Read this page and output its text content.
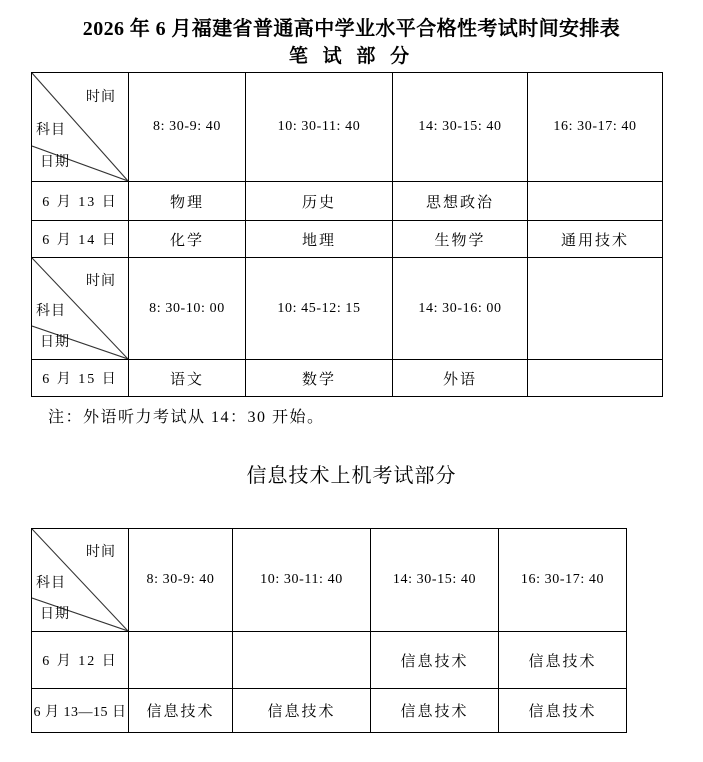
2026 年 6 月福建省普通高中学业水平合格性考试时间安排表
笔 试 部 分
时间
科目
日期	8: 30-9: 40	10: 30-11: 40	14: 30-15: 40	16: 30-17: 40
6 月 13 日	物理	历史	思想政治	
6 月 14 日	化学	地理	生物学	通用技术

时间
科目
日期	8: 30-10: 00	10: 45-12: 15	14: 30-16: 00	
6 月 15 日	语文	数学	外语	
注：外语听力考试从 14：30 开始。
信息技术上机考试部分
时间
科目
日期	8: 30-9: 40	10: 30-11: 40	14: 30-15: 40	16: 30-17: 40
6 月 12 日			信息技术	信息技术
6 月 13—15 日	信息技术	信息技术	信息技术	信息技术
